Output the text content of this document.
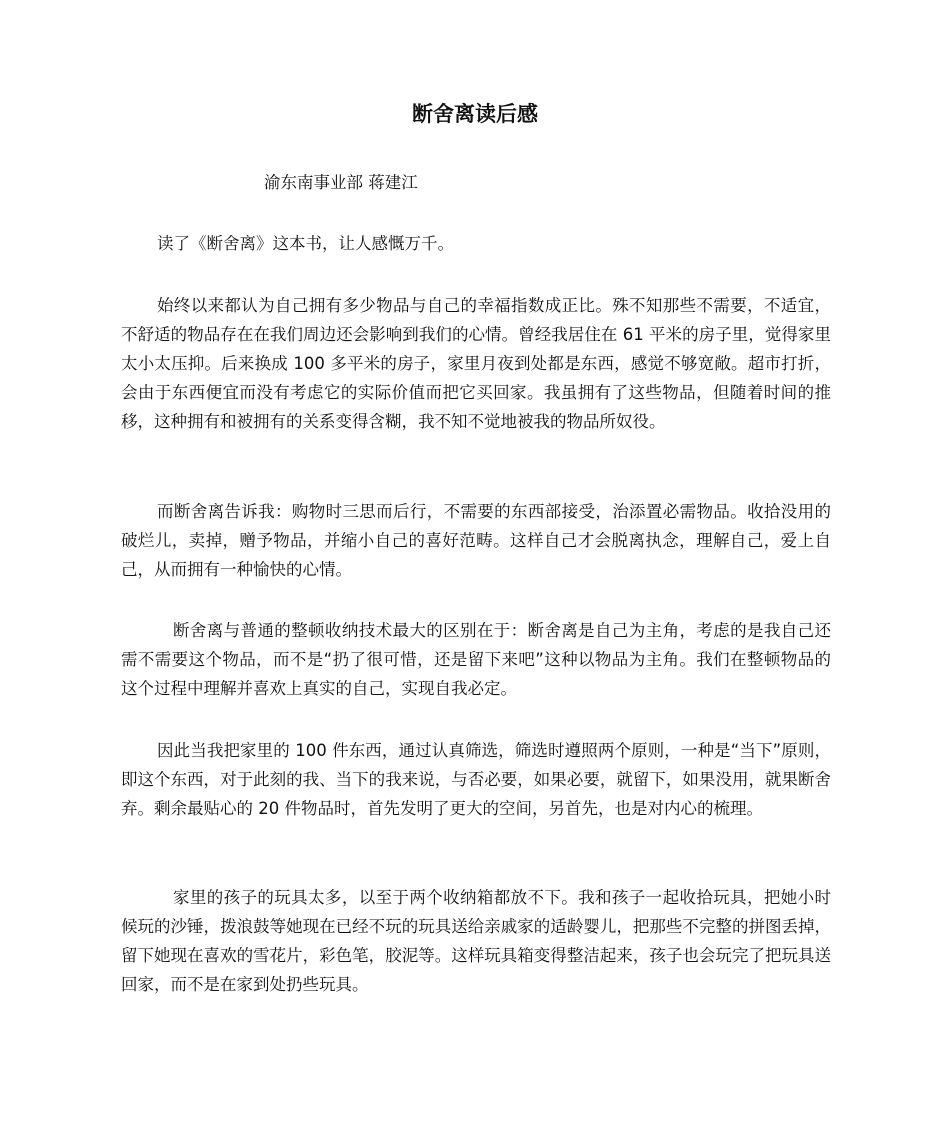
断舍离读后感

渝东南事业部 蒋建江

读了《断舍离》这本书，让人感慨万千。

始终以来都认为自己拥有多少物品与自己的幸福指数成正比。殊不知那些不需要，不适宜，不舒适的物品存在在我们周边还会影响到我们的心情。曾经我居住在 61 平米的房子里，觉得家里太小太压抑。后来换成 100 多平米的房子，家里月夜到处都是东西，感觉不够宽敞。超市打折，会由于东西便宜而没有考虑它的实际价值而把它买回家。我虽拥有了这些物品，但随着时间的推移，这种拥有和被拥有的关系变得含糊，我不知不觉地被我的物品所奴役。

而断舍离告诉我：购物时三思而后行，不需要的东西部接受，治添置必需物品。收拾没用的破烂儿，卖掉，赠予物品，并缩小自己的喜好范畴。这样自己才会脱离执念，理解自己，爱上自己，从而拥有一种愉快的心情。

断舍离与普通的整顿收纳技术最大的区别在于：断舍离是自己为主角，考虑的是我自己还需不需要这个物品，而不是“扔了很可惜，还是留下来吧”这种以物品为主角。我们在整顿物品的这个过程中理解并喜欢上真实的自己，实现自我必定。

因此当我把家里的 100 件东西，通过认真筛选，筛选时遵照两个原则，一种是“当下”原则，即这个东西，对于此刻的我、当下的我来说，与否必要，如果必要，就留下，如果没用，就果断舍弃。剩余最贴心的 20 件物品时，首先发明了更大的空间，另首先，也是对内心的梳理。

家里的孩子的玩具太多，以至于两个收纳箱都放不下。我和孩子一起收拾玩具，把她小时候玩的沙锤，拨浪鼓等她现在已经不玩的玩具送给亲戚家的适龄婴儿，把那些不完整的拼图丢掉，留下她现在喜欢的雪花片，彩色笔，胶泥等。这样玩具箱变得整洁起来，孩子也会玩完了把玩具送回家，而不是在家到处扔些玩具。
